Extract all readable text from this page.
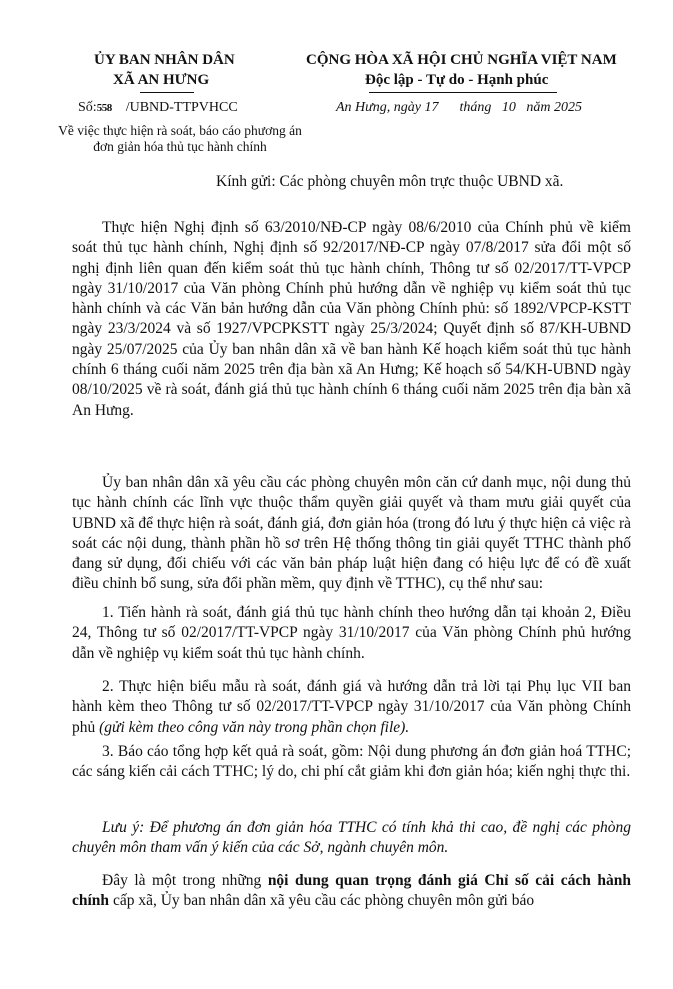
ỦY BAN NHÂN DÂN
XÃ AN HƯNG
CỘNG HÒA XÃ HỘI CHỦ NGHĨA VIỆT NAM
Độc lập - Tự do - Hạnh phúc
Số:558 /UBND-TTPVHCC	An Hưng, ngày 17 tháng 10 năm 2025
Về việc thực hiện rà soát, báo cáo phương án đơn giản hóa thủ tục hành chính
Kính gửi: Các phòng chuyên môn trực thuộc UBND xã.

Thực hiện Nghị định số 63/2010/NĐ-CP ngày 08/6/2010 của Chính phủ về kiểm soát thủ tục hành chính, Nghị định số 92/2017/NĐ-CP ngày 07/8/2017 sửa đổi một số nghị định liên quan đến kiểm soát thủ tục hành chính, Thông tư số 02/2017/TT-VPCP ngày 31/10/2017 của Văn phòng Chính phủ hướng dẫn về nghiệp vụ kiểm soát thủ tục hành chính và các Văn bản hướng dẫn của Văn phòng Chính phủ: số 1892/VPCP-KSTT ngày 23/3/2024 và số 1927/VPCPKSTT ngày 25/3/2024; Quyết định số 87/KH-UBND ngày 25/07/2025 của Ủy ban nhân dân xã về ban hành Kế hoạch kiểm soát thủ tục hành chính 6 tháng cuối năm 2025 trên địa bàn xã An Hưng; Kế hoạch số 54/KH-UBND ngày 08/10/2025 về rà soát, đánh giá thủ tục hành chính 6 tháng cuối năm 2025 trên địa bàn xã An Hưng.

Ủy ban nhân dân xã yêu cầu các phòng chuyên môn căn cứ danh mục, nội dung thủ tục hành chính các lĩnh vực thuộc thẩm quyền giải quyết và tham mưu giải quyết của UBND xã để thực hiện rà soát, đánh giá, đơn giản hóa (trong đó lưu ý thực hiện cả việc rà soát các nội dung, thành phần hồ sơ trên Hệ thống thông tin giải quyết TTHC thành phố đang sử dụng, đối chiếu với các văn bản pháp luật hiện đang có hiệu lực để có đề xuất điều chỉnh bổ sung, sửa đổi phần mềm, quy định về TTHC), cụ thể như sau:

1. Tiến hành rà soát, đánh giá thủ tục hành chính theo hướng dẫn tại khoản 2, Điều 24, Thông tư số 02/2017/TT-VPCP ngày 31/10/2017 của Văn phòng Chính phủ hướng dẫn về nghiệp vụ kiểm soát thủ tục hành chính.

2. Thực hiện biểu mẫu rà soát, đánh giá và hướng dẫn trả lời tại Phụ lục VII ban hành kèm theo Thông tư số 02/2017/TT-VPCP ngày 31/10/2017 của Văn phòng Chính phủ (gửi kèm theo công văn này trong phần chọn file).

3. Báo cáo tổng hợp kết quả rà soát, gồm: Nội dung phương án đơn giản hoá TTHC; các sáng kiến cải cách TTHC; lý do, chi phí cắt giảm khi đơn giản hóa; kiến nghị thực thi.

Lưu ý: Để phương án đơn giản hóa TTHC có tính khả thi cao, đề nghị các phòng chuyên môn tham vấn ý kiến của các Sở, ngành chuyên môn.

Đây là một trong những nội dung quan trọng đánh giá Chỉ số cải cách hành chính cấp xã, Ủy ban nhân dân xã yêu cầu các phòng chuyên môn gửi báo
